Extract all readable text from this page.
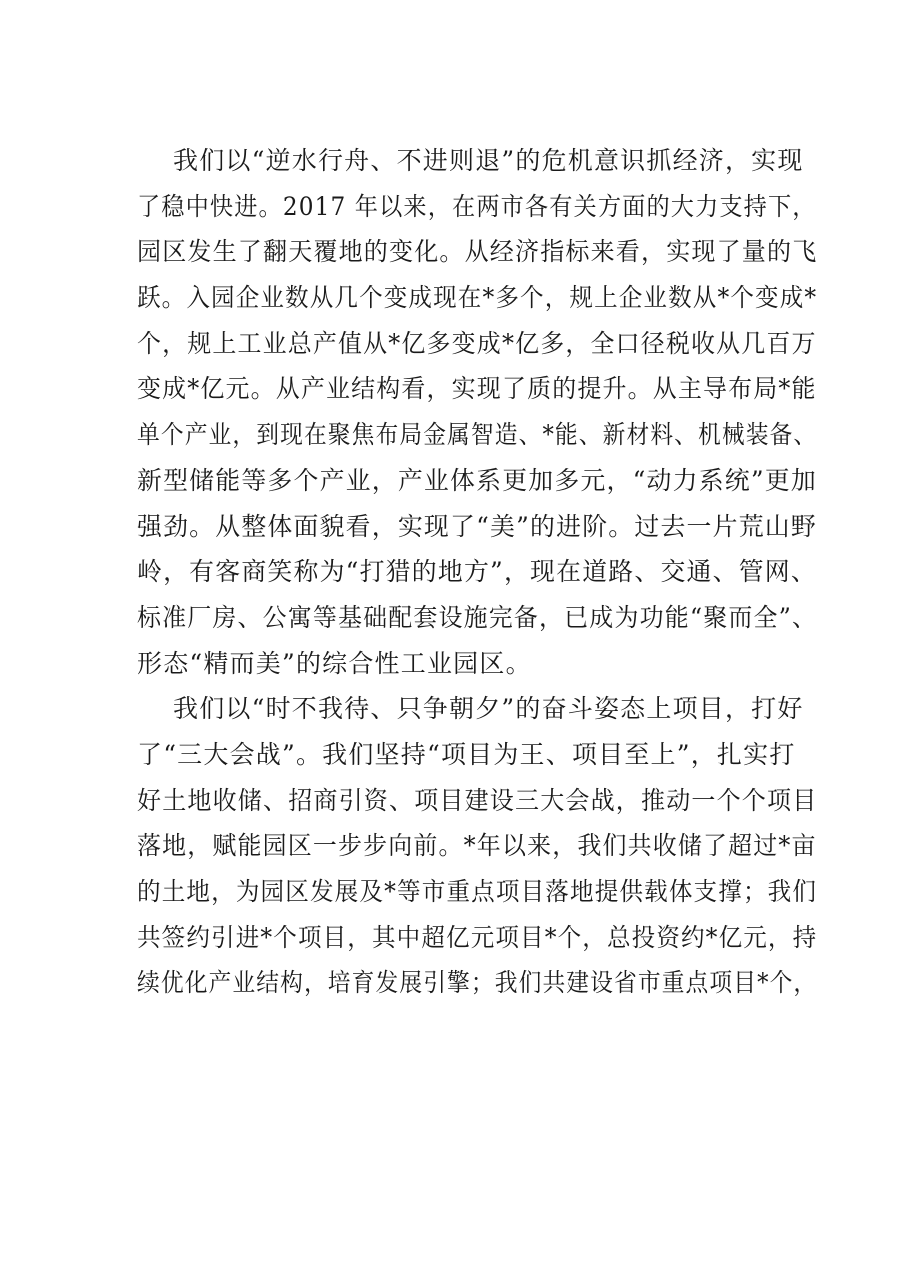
我们以“逆水行舟、不进则退”的危机意识抓经济，实现
了稳中快进。2017 年以来，在两市各有关方面的大力支持下，
园区发生了翻天覆地的变化。从经济指标来看，实现了量的飞
跃。入园企业数从几个变成现在*多个，规上企业数从*个变成*
个，规上工业总产值从*亿多变成*亿多，全口径税收从几百万
变成*亿元。从产业结构看，实现了质的提升。从主导布局*能
单个产业，到现在聚焦布局金属智造、*能、新材料、机械装备、
新型储能等多个产业，产业体系更加多元，“动力系统”更加
强劲。从整体面貌看，实现了“美”的进阶。过去一片荒山野
岭，有客商笑称为“打猎的地方”，现在道路、交通、管网、
标准厂房、公寓等基础配套设施完备，已成为功能“聚而全”、
形态“精而美”的综合性工业园区。

我们以“时不我待、只争朝夕”的奋斗姿态上项目，打好
了“三大会战”。我们坚持“项目为王、项目至上”，扎实打
好土地收储、招商引资、项目建设三大会战，推动一个个项目
落地，赋能园区一步步向前。*年以来，我们共收储了超过*亩
的土地，为园区发展及*等市重点项目落地提供载体支撑；我们
共签约引进*个项目，其中超亿元项目*个，总投资约*亿元，持
续优化产业结构，培育发展引擎；我们共建设省市重点项目*个，
